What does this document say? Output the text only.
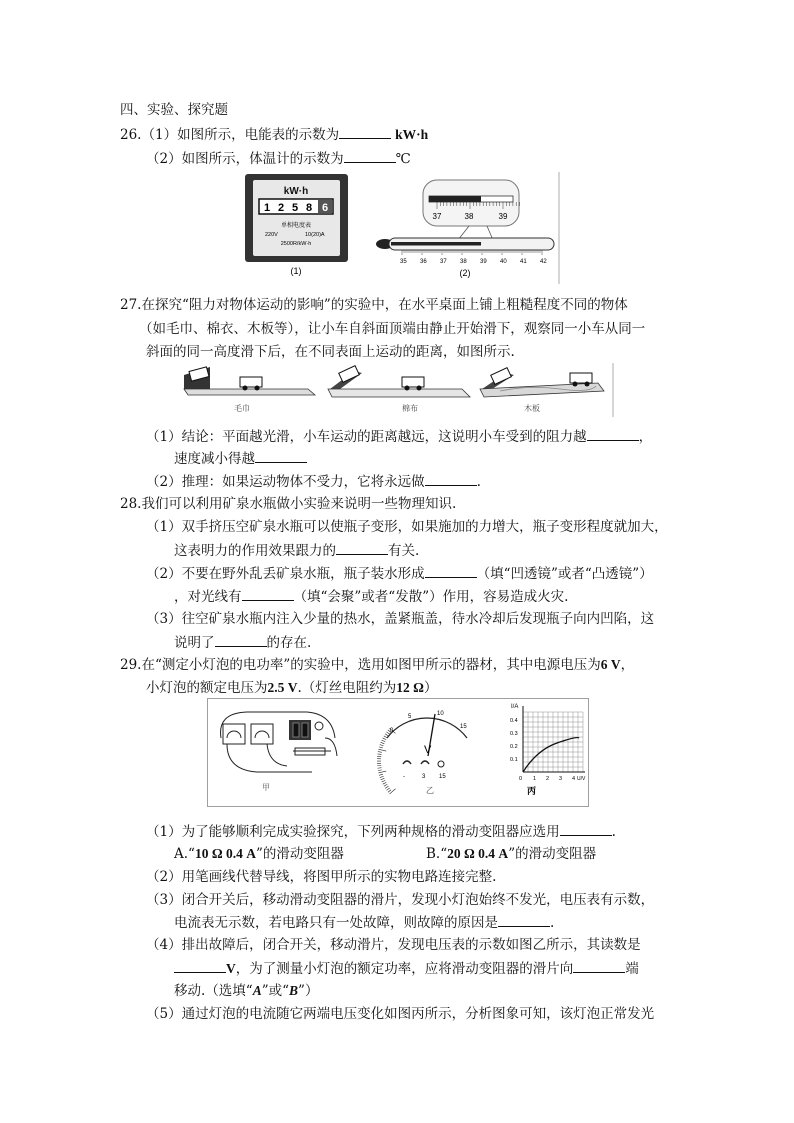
四、实验、探究题
26.（1）如图所示，电能表的示数为	kW·h
（2）如图所示，体温计的示数为	℃
kW·h
1 2 5 8 6
单相电度表
220V	10(20)A
2500R/kW·h
(1)
37	38	39
35 36 37 38 39 40 41 42
(2)
27.在探究“阻力对物体运动的影响”的实验中，在水平桌面上铺上粗糙程度不同的物体
（如毛巾、棉衣、木板等），让小车自斜面顶端由静止开始滑下，观察同一小车从同一
斜面的同一高度滑下后，在不同表面上运动的距离，如图所示.
毛巾	棉布	木板
（1）结论：平面越光滑，小车运动的距离越远，这说明小车受到的阻力越	，
速度减小得越
（2）推理：如果运动物体不受力，它将永远做	.
28.我们可以利用矿泉水瓶做小实验来说明一些物理知识.
（1）双手挤压空矿泉水瓶可以使瓶子变形，如果施加的力增大，瓶子变形程度就加大，
这表明力的作用效果跟力的	有关.
（2）不要在野外乱丢矿泉水瓶，瓶子装水形成	（填“凹透镜”或者“凸透镜”）
，对光线有	（填“会聚”或者“发散”）作用，容易造成火灾.
（3）往空矿泉水瓶内注入少量的热水，盖紧瓶盖，待水冷却后发现瓶子向内凹陷，这
说明了	的存在.
29.在“测定小灯泡的电功率”的实验中，选用如图甲所示的器材，其中电源电压为6 V，
小灯泡的额定电压为2.5 V.（灯丝电阻约为12 Ω）
甲
0
5	10
15
V
-	3 15
乙
I/A
0.4
0.3
0.2
0.1
0 1 2 3 4 U/V
丙
（1）为了能够顺利完成实验探究，下列两种规格的滑动变阻器应选用	.
A.“10 Ω 0.4 A”的滑动变阻器	B.“20 Ω 0.4 A”的滑动变阻器
（2）用笔画线代替导线，将图甲所示的实物电路连接完整.
（3）闭合开关后，移动滑动变阻器的滑片，发现小灯泡始终不发光，电压表有示数，
电流表无示数，若电路只有一处故障，则故障的原因是	.
（4）排出故障后，闭合开关，移动滑片，发现电压表的示数如图乙所示，其读数是
V，为了测量小灯泡的额定功率，应将滑动变阻器的滑片向	端
移动.（选填“A”或“B”）
（5）通过灯泡的电流随它两端电压变化如图丙所示，分析图象可知，该灯泡正常发光
